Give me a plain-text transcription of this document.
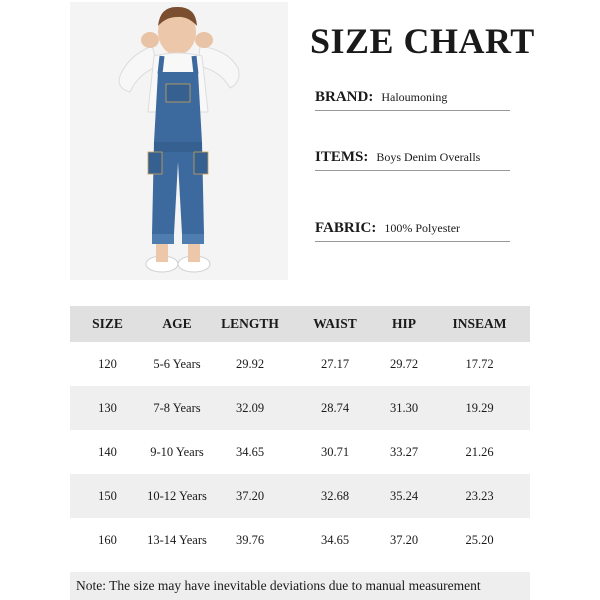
SIZE CHART
BRAND: Haloumoning
ITEMS: Boys Denim Overalls
FABRIC: 100% Polyester
SIZE	AGE	LENGTH	WAIST	HIP	INSEAM
120	5-6 Years	29.92	27.17	29.72	17.72
130	7-8 Years	32.09	28.74	31.30	19.29
140	9-10 Years	34.65	30.71	33.27	21.26
150	10-12 Years	37.20	32.68	35.24	23.23
160	13-14 Years	39.76	34.65	37.20	25.20
Note: The size may have inevitable deviations due to manual measurement
